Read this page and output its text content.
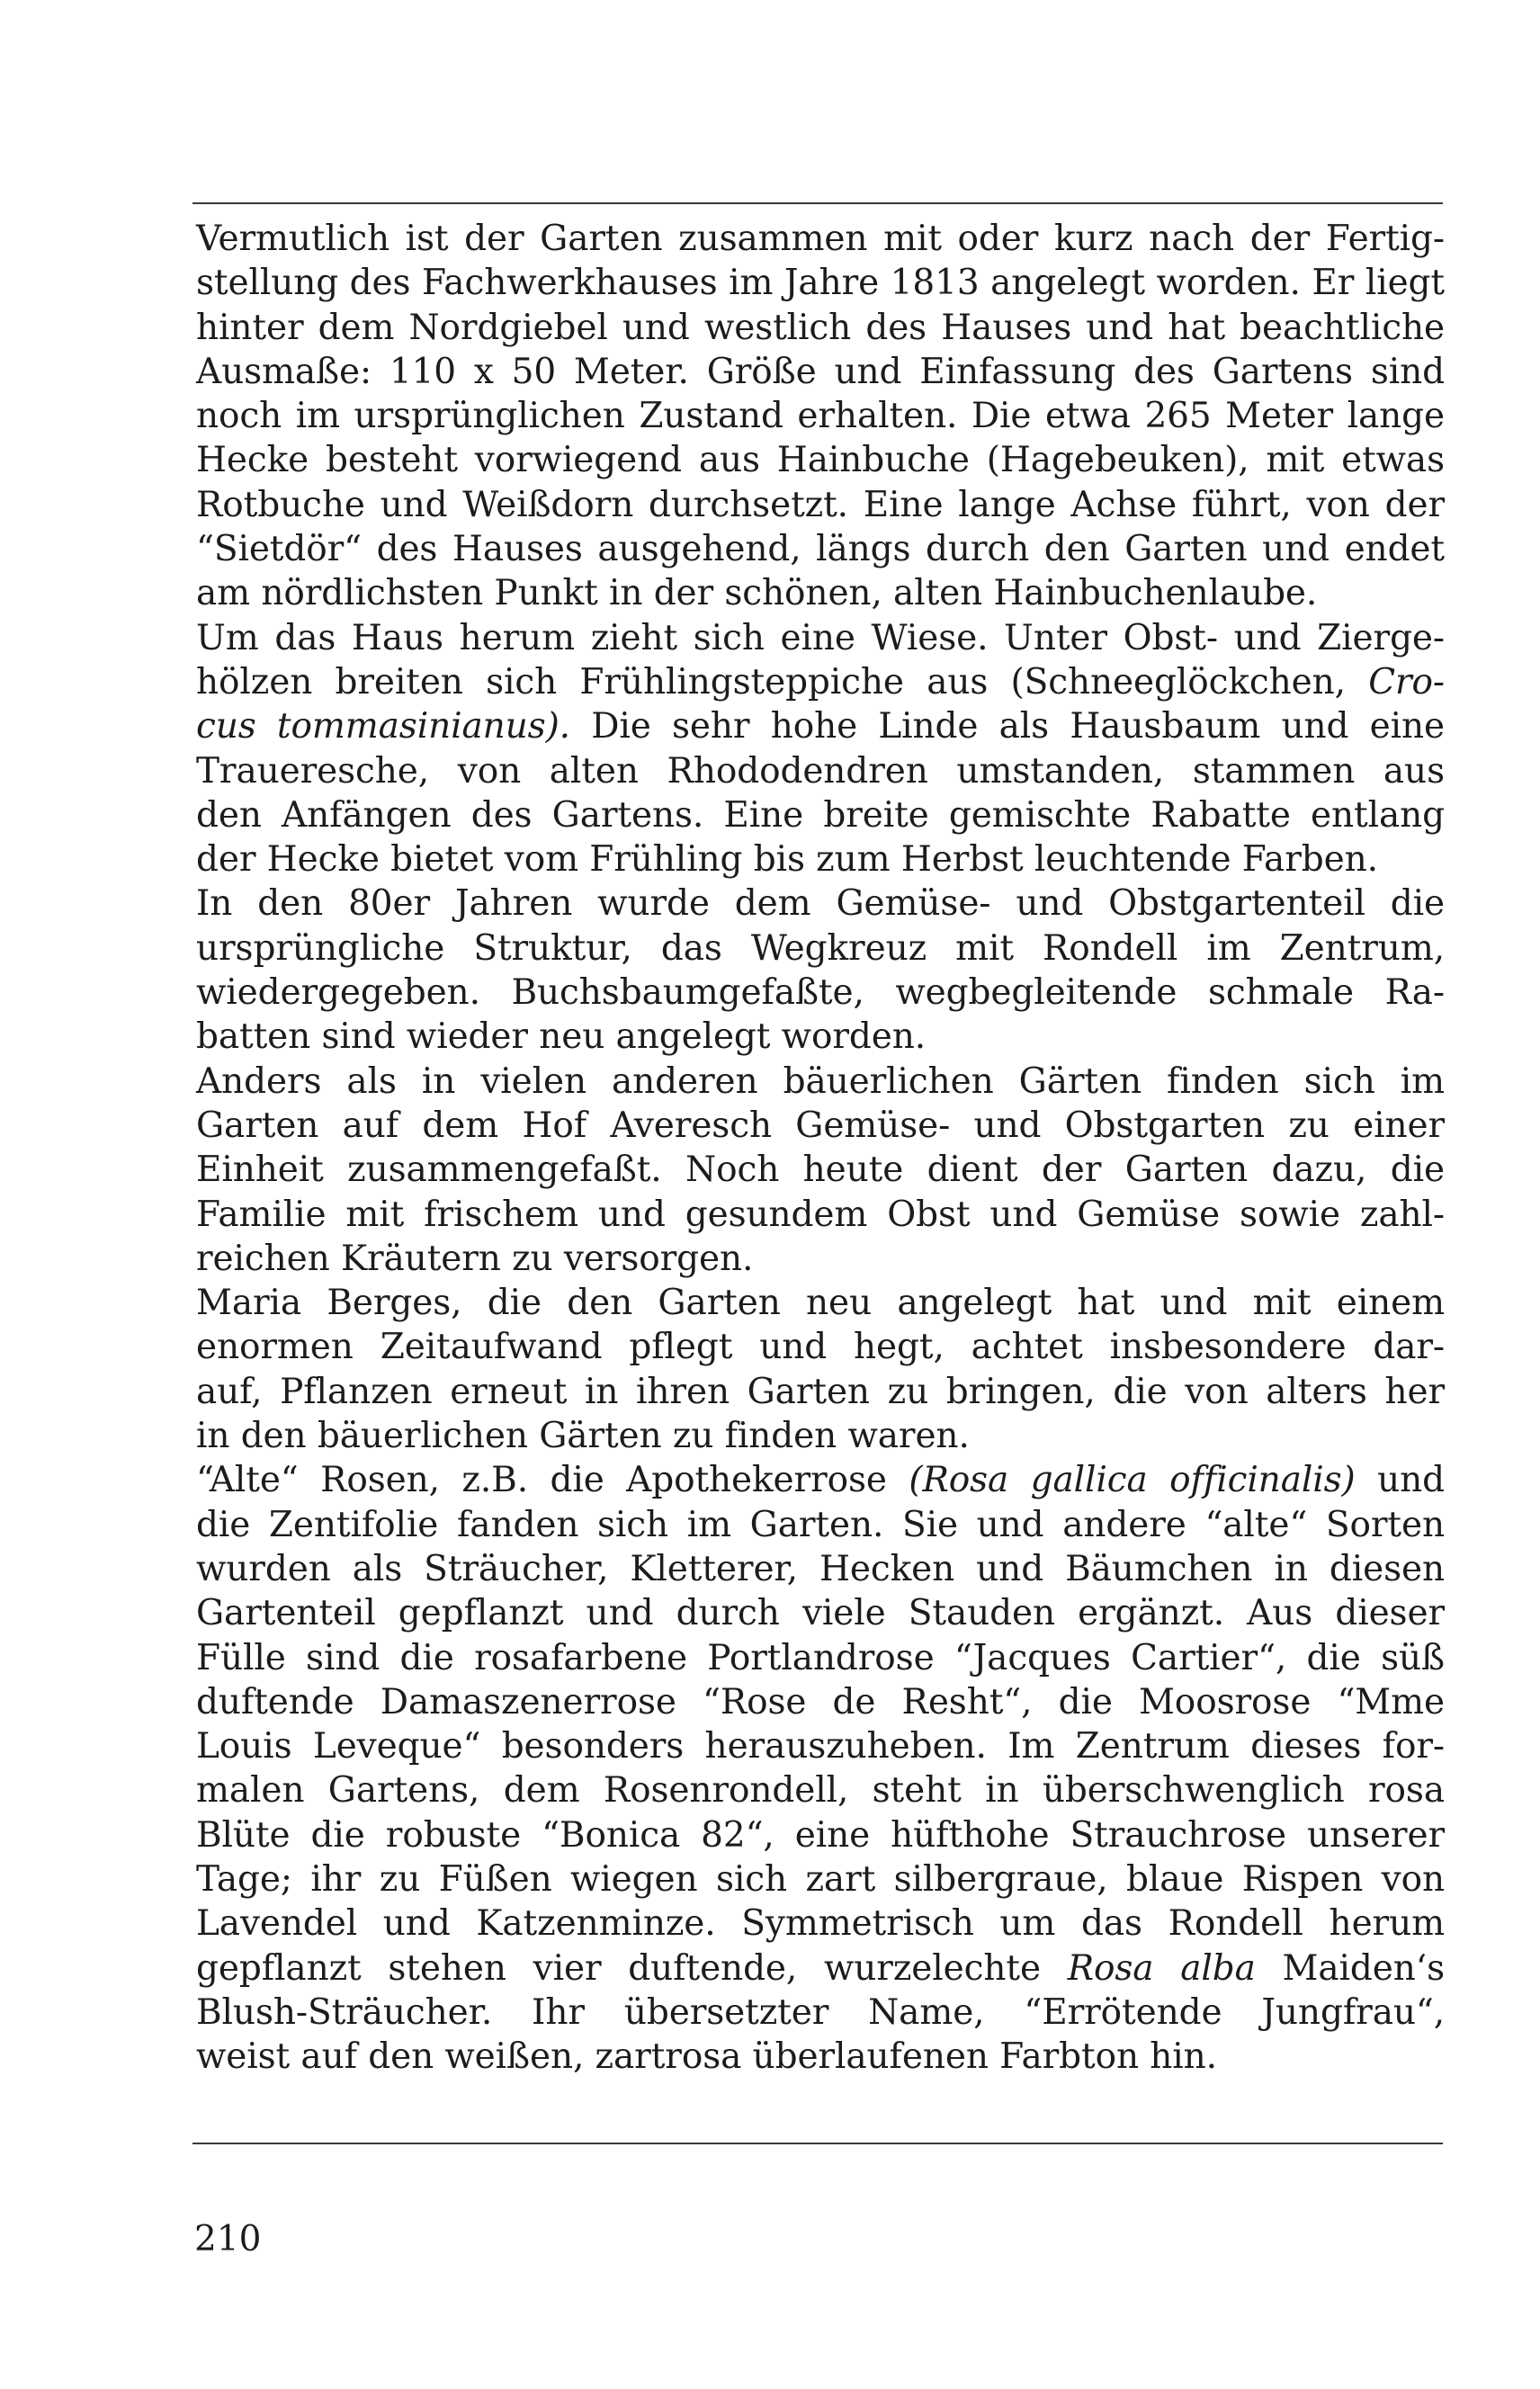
Vermutlich ist der Garten zusammen mit oder kurz nach der Fertig-
stellung des Fachwerkhauses im Jahre 1813 angelegt worden. Er liegt
hinter dem Nordgiebel und westlich des Hauses und hat beachtliche
Ausmaße: 110 x 50 Meter. Größe und Einfassung des Gartens sind
noch im ursprünglichen Zustand erhalten. Die etwa 265 Meter lange
Hecke besteht vorwiegend aus Hainbuche (Hagebeuken), mit etwas
Rotbuche und Weißdorn durchsetzt. Eine lange Achse führt, von der
“Sietdör“ des Hauses ausgehend, längs durch den Garten und endet
am nördlichsten Punkt in der schönen, alten Hainbuchenlaube.
Um das Haus herum zieht sich eine Wiese. Unter Obst- und Zierge-
hölzen breiten sich Frühlingsteppiche aus (Schneeglöckchen, Cro-
cus tommasinianus). Die sehr hohe Linde als Hausbaum und eine
Traueresche, von alten Rhododendren umstanden, stammen aus
den Anfängen des Gartens. Eine breite gemischte Rabatte entlang
der Hecke bietet vom Frühling bis zum Herbst leuchtende Farben.
In den 80er Jahren wurde dem Gemüse- und Obstgartenteil die
ursprüngliche Struktur, das Wegkreuz mit Rondell im Zentrum,
wiedergegeben. Buchsbaumgefaßte, wegbegleitende schmale Ra-
batten sind wieder neu angelegt worden.
Anders als in vielen anderen bäuerlichen Gärten finden sich im
Garten auf dem Hof Averesch Gemüse- und Obstgarten zu einer
Einheit zusammengefaßt. Noch heute dient der Garten dazu, die
Familie mit frischem und gesundem Obst und Gemüse sowie zahl-
reichen Kräutern zu versorgen.
Maria Berges, die den Garten neu angelegt hat und mit einem
enormen Zeitaufwand pflegt und hegt, achtet insbesondere dar-
auf, Pflanzen erneut in ihren Garten zu bringen, die von alters her
in den bäuerlichen Gärten zu finden waren.
“Alte“ Rosen, z.B. die Apothekerrose (Rosa gallica officinalis) und
die Zentifolie fanden sich im Garten. Sie und andere “alte“ Sorten
wurden als Sträucher, Kletterer, Hecken und Bäumchen in diesen
Gartenteil gepflanzt und durch viele Stauden ergänzt. Aus dieser
Fülle sind die rosafarbene Portlandrose “Jacques Cartier“, die süß
duftende Damaszenerrose “Rose de Resht“, die Moosrose “Mme
Louis Leveque“ besonders herauszuheben. Im Zentrum dieses for-
malen Gartens, dem Rosenrondell, steht in überschwenglich rosa
Blüte die robuste “Bonica 82“, eine hüfthohe Strauchrose unserer
Tage; ihr zu Füßen wiegen sich zart silbergraue, blaue Rispen von
Lavendel und Katzenminze. Symmetrisch um das Rondell herum
gepflanzt stehen vier duftende, wurzelechte Rosa alba Maiden‘s
Blush-Sträucher. Ihr übersetzter Name, “Errötende Jungfrau“,
weist auf den weißen, zartrosa überlaufenen Farbton hin.
210
